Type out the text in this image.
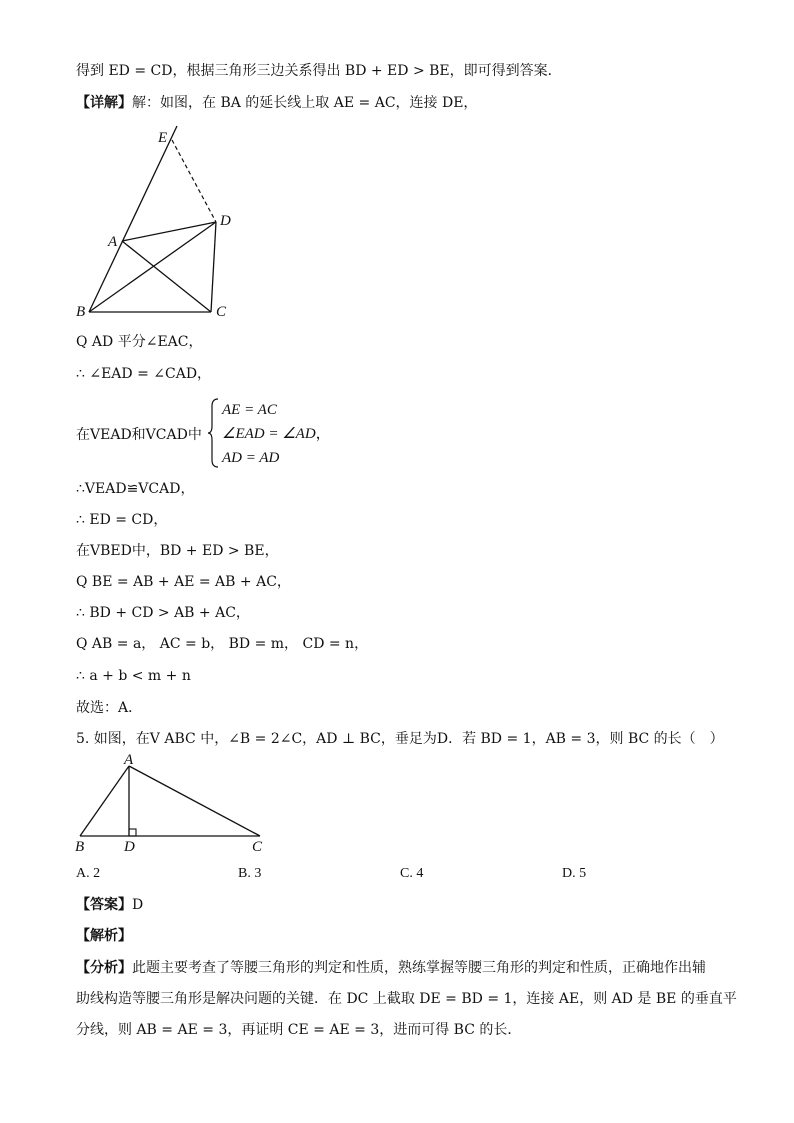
得到 ED = CD，根据三角形三边关系得出 BD + ED > BE，即可得到答案．
【详解】解：如图，在 BA 的延长线上取 AE = AC，连接 DE，
E
D
A
B	C
Q AD 平分∠EAC，
∴ ∠EAD = ∠CAD，
在VEAD和VCAD中
AE = AC
∠EAD = ∠AD，
AD = AD
∴VEAD≌VCAD，
∴ ED = CD，
在VBED中，BD + ED > BE，
Q BE = AB + AE = AB + AC，
∴ BD + CD > AB + AC，
Q AB = a， AC = b， BD = m， CD = n，
∴ a + b < m + n
故选：A．
5. 如图，在V ABC 中，∠B = 2∠C，AD ⊥ BC，垂足为D．若 BD = 1，AB = 3，则 BC 的长（　）
A
B	D	C
A. 2	B. 3	C. 4	D. 5
【答案】D
【解析】
【分析】此题主要考查了等腰三角形的判定和性质，熟练掌握等腰三角形的判定和性质，正确地作出辅
助线构造等腰三角形是解决问题的关键．在 DC 上截取 DE = BD = 1，连接 AE，则 AD 是 BE 的垂直平
分线，则 AB = AE = 3，再证明 CE = AE = 3，进而可得 BC 的长．
